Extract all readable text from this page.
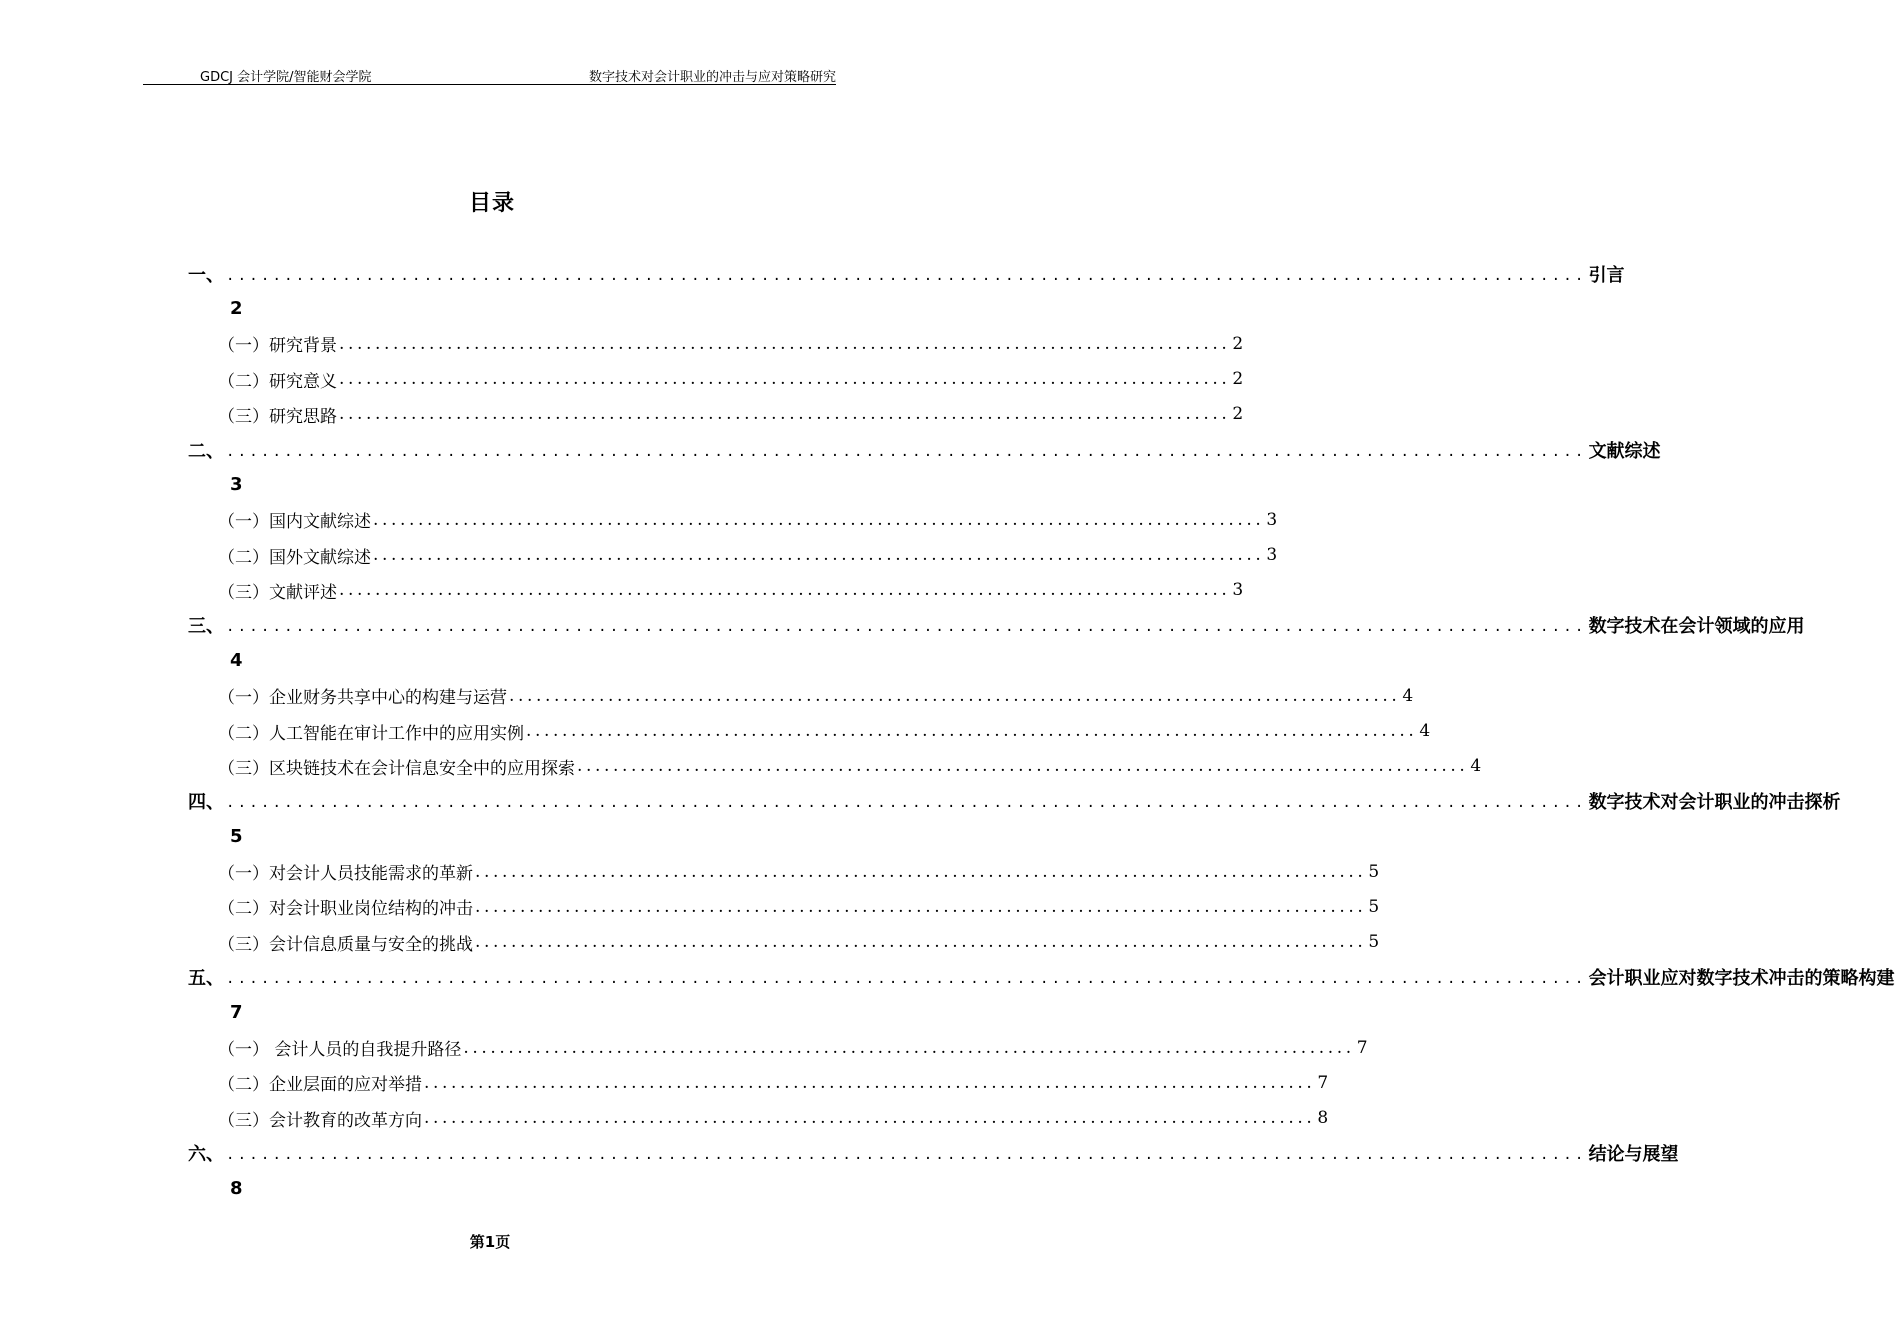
GDCJ 会计学院/智能财会学院	数字技术对会计职业的冲击与应对策略研究
目录
一、 ..................................................................................................................... 引言
2
（一）研究背景 ................................................................................................... 2
（二）研究意义 ................................................................................................... 2
（三）研究思路 ................................................................................................... 2
二、 ..................................................................................................................... 文献综述
3
（一）国内文献综述 ................................................................................................... 3
（二）国外文献综述 ................................................................................................... 3
（三）文献评述 ................................................................................................... 3
三、 ..................................................................................................................... 数字技术在会计领域的应用
4
（一）企业财务共享中心的构建与运营 ................................................................................................... 4
（二）人工智能在审计工作中的应用实例 ................................................................................................... 4
（三）区块链技术在会计信息安全中的应用探索 ................................................................................................... 4
四、 ..................................................................................................................... 数字技术对会计职业的冲击探析
5
（一）对会计人员技能需求的革新 ................................................................................................... 5
（二）对会计职业岗位结构的冲击 ................................................................................................... 5
（三）会计信息质量与安全的挑战 ................................................................................................... 5
五、 ..................................................................................................................... 会计职业应对数字技术冲击的策略构建
7
（一） 会计人员的自我提升路径 ................................................................................................... 7
（二）企业层面的应对举措 ................................................................................................... 7
（三）会计教育的改革方向 ................................................................................................... 8
六、 ..................................................................................................................... 结论与展望
8
第1页
